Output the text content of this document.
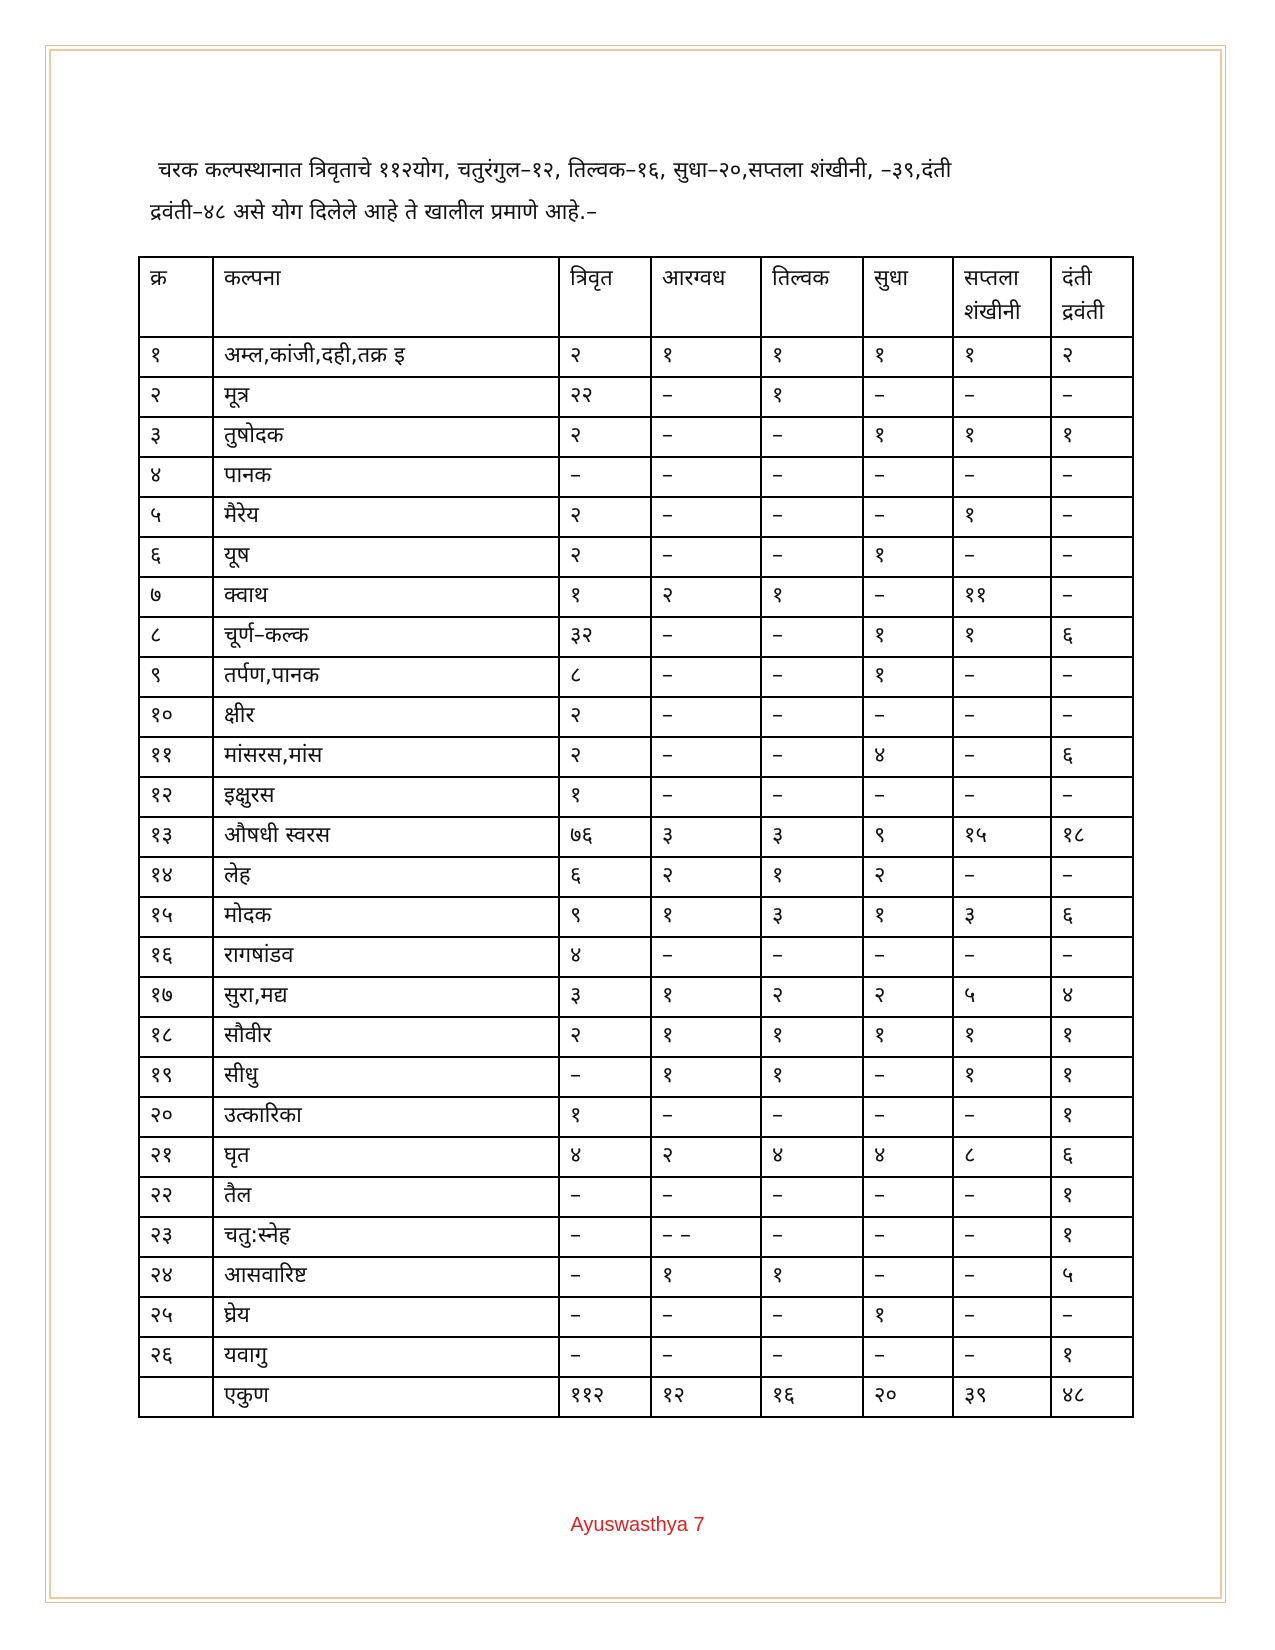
चरक कल्पस्थानात त्रिवृताचे ११२योग, चतुरंगुल–१२, तिल्वक–१६, सुधा–२०,सप्तला शंखीनी, –३९,दंती

द्रवंती–४८ असे योग दिलेले आहे ते खालील प्रमाणे आहे.–

क्र	कल्पना	त्रिवृत	आरग्वध	तिल्वक	सुधा	सप्तला शंखीनी	दंती द्रवंती
१	अम्ल,कांजी,दही,तक्र इ	२	१	१	१	१	२
२	मूत्र	२२	–	१	–	–	–
३	तुषोदक	२	–	–	१	१	१
४	पानक	–	–	–	–	–	–
५	मैरेय	२	–	–	–	१	–
६	यूष	२	–	–	१	–	–
७	क्वाथ	१	२	१	–	११	–
८	चूर्ण–कल्क	३२	–	–	१	१	६
९	तर्पण,पानक	८	–	–	१	–	–
१०	क्षीर	२	–	–	–	–	–
११	मांसरस,मांस	२	–	–	४	–	६
१२	इक्षुरस	१	–	–	–	–	–
१३	औषधी स्वरस	७६	३	३	९	१५	१८
१४	लेह	६	२	१	२	–	–
१५	मोदक	९	१	३	१	३	६
१६	रागषांडव	४	–	–	–	–	–
१७	सुरा,मद्य	३	१	२	२	५	४
१८	सौवीर	२	१	१	१	१	१
१९	सीधु	–	१	१	–	१	१
२०	उत्कारिका	१	–	–	–	–	१
२१	घृत	४	२	४	४	८	६
२२	तैल	–	–	–	–	–	१
२३	चतु:स्नेह	–	– –	–	–	–	१
२४	आसवारिष्ट	–	१	१	–	–	५
२५	घ्रेय	–	–	–	१	–	–
२६	यवागु	–	–	–	–	–	१
	एकुण	११२	१२	१६	२०	३९	४८
Ayuswasthya 7
